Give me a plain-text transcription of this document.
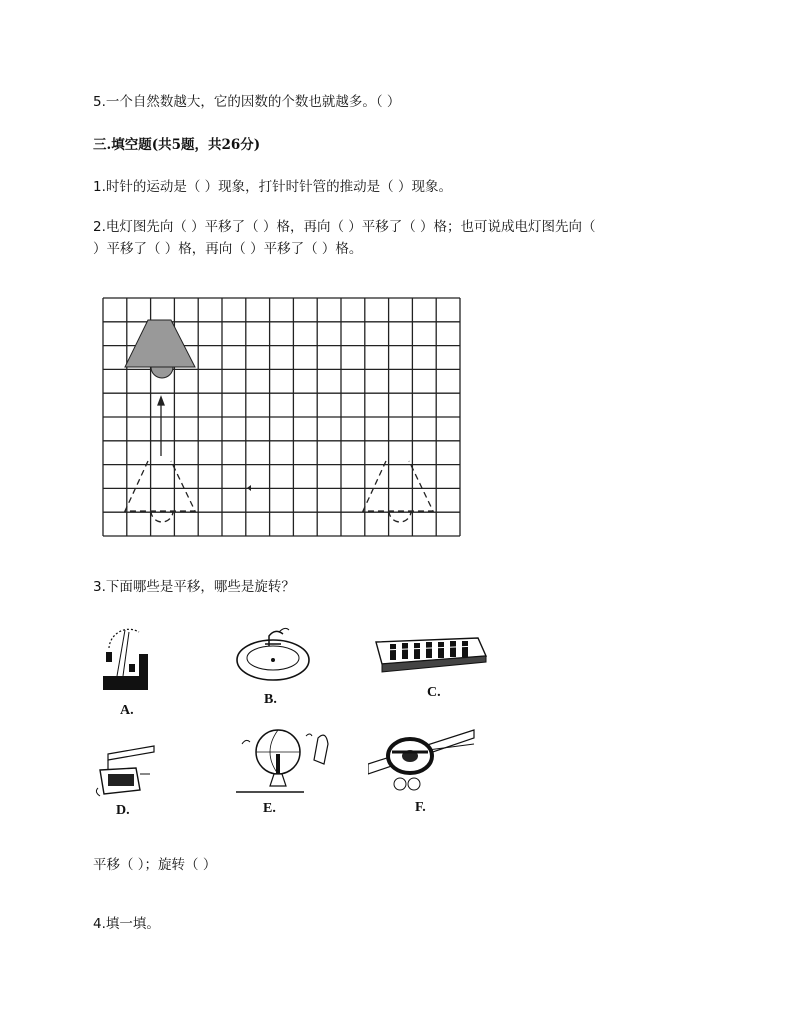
5.一个自然数越大，它的因数的个数也就越多。（ ）
三.填空题(共5题，共26分)
1.时针的运动是（ ）现象，打针时针管的推动是（ ）现象。
2.电灯图先向（ ）平移了（ ）格，再向（ ）平移了（ ）格；也可说成电灯图先向（
）平移了（ ）格，再向（ ）平移了（ ）格。
3.下面哪些是平移，哪些是旋转？
A.
B.	C.
D.	E.	F.
平移（ ）；旋转（ ）
4.填一填。
